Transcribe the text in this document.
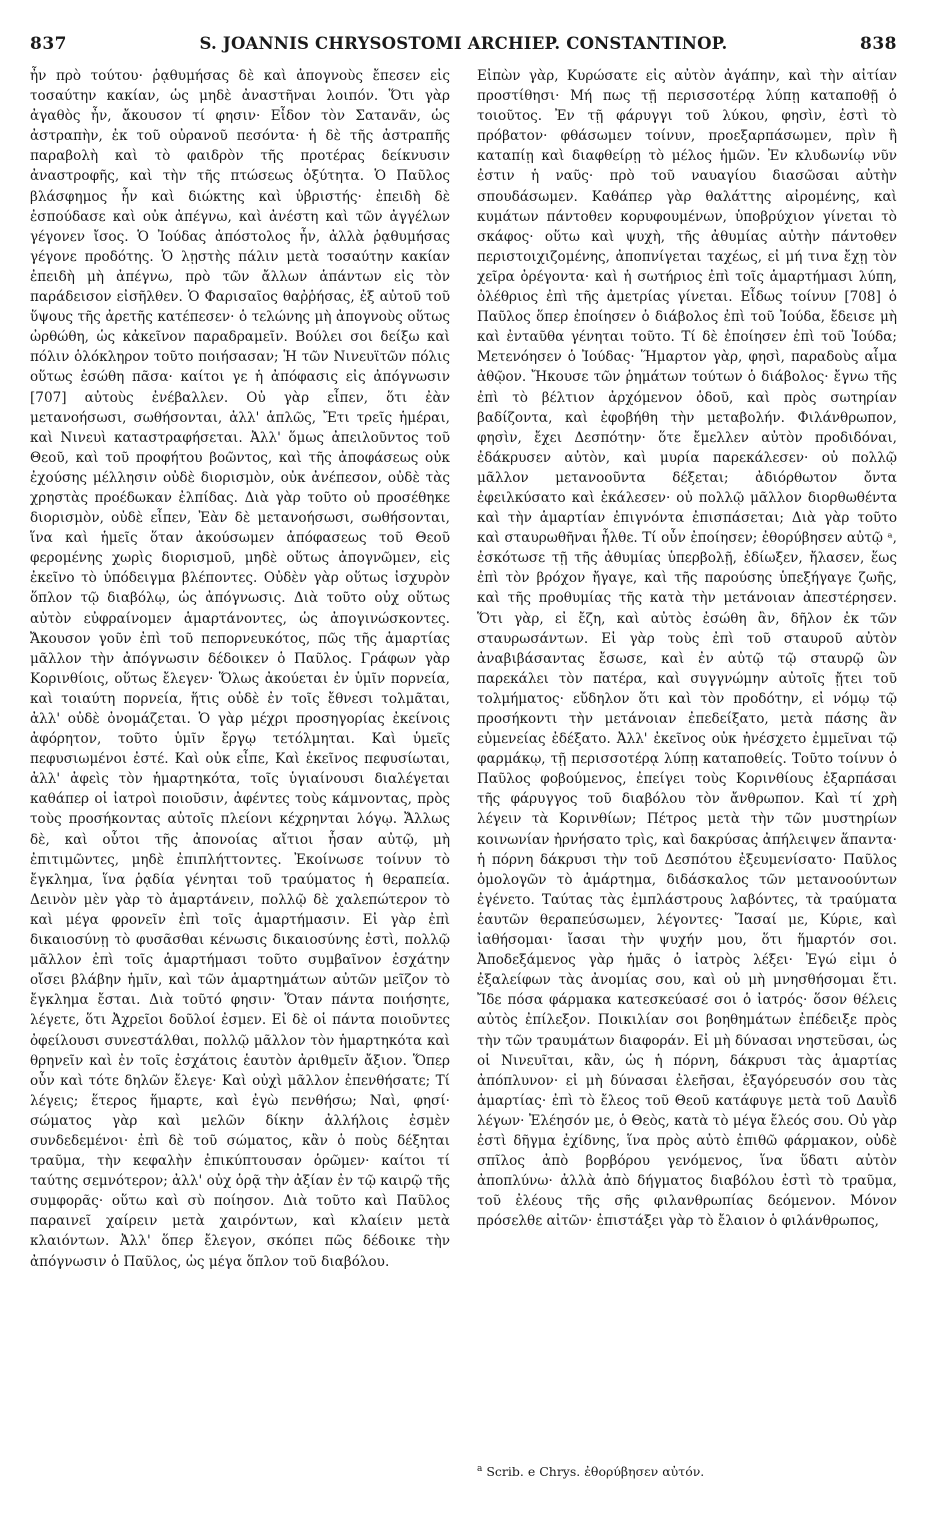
837	S. JOANNIS CHRYSOSTOMI ARCHIEP. CONSTANTINOP.	838

ἦν πρὸ τούτου· ῥᾳθυμήσας δὲ καὶ ἀπογνοὺς ἔπεσεν εἰς τοσαύτην κακίαν, ὡς μηδὲ ἀναστῆναι λοιπόν. Ὅτι γὰρ ἀγαθὸς ἦν, ἄκουσον τί φησιν· Εἶδον τὸν Σατανᾶν, ὡς ἀστραπὴν, ἐκ τοῦ οὐρανοῦ πεσόντα· ἡ δὲ τῆς ἀστραπῆς παραβολὴ καὶ τὸ φαιδρὸν τῆς προτέρας δείκνυσιν ἀναστροφῆς, καὶ τὴν τῆς πτώσεως ὀξύτητα. Ὁ Παῦλος βλάσφημος ἦν καὶ διώκτης καὶ ὑβριστής· ἐπειδὴ δὲ ἐσπούδασε καὶ οὐκ ἀπέγνω, καὶ ἀνέστη καὶ τῶν ἀγγέλων γέγονεν ἴσος. Ὁ Ἰούδας ἀπόστολος ἦν, ἀλλὰ ῥᾳθυμήσας γέγονε προδότης. Ὁ λῃστὴς πάλιν μετὰ τοσαύτην κακίαν ἐπειδὴ μὴ ἀπέγνω, πρὸ τῶν ἄλλων ἁπάντων εἰς τὸν παράδεισον εἰσῆλθεν. Ὁ Φαρισαῖος θαῤῥήσας, ἐξ αὐτοῦ τοῦ ὕψους τῆς ἀρετῆς κατέπεσεν· ὁ τελώνης μὴ ἀπογνοὺς οὕτως ὠρθώθη, ὡς κἀκεῖνον παραδραμεῖν. Βούλει σοι δείξω καὶ πόλιν ὁλόκληρον τοῦτο ποιήσασαν; Ἡ τῶν Νινευϊτῶν πόλις οὕτως ἐσώθη πᾶσα· καίτοι γε ἡ ἀπόφασις εἰς ἀπόγνωσιν [707] αὐτοὺς ἐνέβαλλεν. Οὐ γὰρ εἶπεν, ὅτι ἐὰν μετανοήσωσι, σωθήσονται, ἀλλ' ἁπλῶς, Ἔτι τρεῖς ἡμέραι, καὶ Νινευὶ καταστραφήσεται. Ἀλλ' ὅμως ἀπειλοῦντος τοῦ Θεοῦ, καὶ τοῦ προφήτου βοῶντος, καὶ τῆς ἀποφάσεως οὐκ ἐχούσης μέλλησιν οὐδὲ διορισμὸν, οὐκ ἀνέπεσον, οὐδὲ τὰς χρηστὰς προέδωκαν ἐλπίδας. Διὰ γὰρ τοῦτο οὐ προσέθηκε διορισμὸν, οὐδὲ εἶπεν, Ἐὰν δὲ μετανοήσωσι, σωθήσονται, ἵνα καὶ ἡμεῖς ὅταν ἀκούσωμεν ἀπόφασεως τοῦ Θεοῦ φερομένης χωρὶς διορισμοῦ, μηδὲ οὕτως ἀπογνῶμεν, εἰς ἐκεῖνο τὸ ὑπόδειγμα βλέποντες. Οὐδὲν γὰρ οὕτως ἰσχυρὸν ὅπλον τῷ διαβόλῳ, ὡς ἀπόγνωσις. Διὰ τοῦτο οὐχ οὕτως αὐτὸν εὐφραίνομεν ἁμαρτάνοντες, ὡς ἀπογινώσκοντες. Ἄκουσον γοῦν ἐπὶ τοῦ πεπορνευκότος, πῶς τῆς ἁμαρτίας μᾶλλον τὴν ἀπόγνωσιν δέδοικεν ὁ Παῦλος. Γράφων γὰρ Κορινθίοις, οὕτως ἔλεγεν· Ὅλως ἀκούεται ἐν ὑμῖν πορνεία, καὶ τοιαύτη πορνεία, ἥτις οὐδὲ ἐν τοῖς ἔθνεσι τολμᾶται, ἀλλ' οὐδὲ ὀνομάζεται. Ὁ γὰρ μέχρι προσηγορίας ἐκείνοις ἀφόρητον, τοῦτο ὑμῖν ἔργῳ τετόλμηται. Καὶ ὑμεῖς πεφυσιωμένοι ἐστέ. Καὶ οὐκ εἶπε, Καὶ ἐκεῖνος πεφυσίωται, ἀλλ' ἀφεὶς τὸν ἡμαρτηκότα, τοῖς ὑγιαίνουσι διαλέγεται καθάπερ οἱ ἰατροὶ ποιοῦσιν, ἀφέντες τοὺς κάμνοντας, πρὸς τοὺς προσήκοντας αὐτοῖς πλείονι κέχρηνται λόγῳ. Ἄλλως δὲ, καὶ οὗτοι τῆς ἀπονοίας αἴτιοι ἦσαν αὐτῷ, μὴ ἐπιτιμῶντες, μηδὲ ἐπιπλήττοντες. Ἐκοίνωσε τοίνυν τὸ ἔγκλημα, ἵνα ῥᾳδία γένηται τοῦ τραύματος ἡ θεραπεία. Δεινὸν μὲν γὰρ τὸ ἁμαρτάνειν, πολλῷ δὲ χαλεπώτερον τὸ καὶ μέγα φρονεῖν ἐπὶ τοῖς ἁμαρτήμασιν. Εἰ γὰρ ἐπὶ δικαιοσύνῃ τὸ φυσᾶσθαι κένωσις δικαιοσύνης ἐστὶ, πολλῷ μᾶλλον ἐπὶ τοῖς ἁμαρτήμασι τοῦτο συμβαῖνον ἐσχάτην οἴσει βλάβην ἡμῖν, καὶ τῶν ἁμαρτημάτων αὐτῶν μεῖζον τὸ ἔγκλημα ἔσται. Διὰ τοῦτό φησιν· Ὅταν πάντα ποιήσητε, λέγετε, ὅτι Ἀχρεῖοι δοῦλοί ἐσμεν. Εἰ δὲ οἱ πάντα ποιοῦντες ὀφείλουσι συνεστάλθαι, πολλῷ μᾶλλον τὸν ἡμαρτηκότα καὶ θρηνεῖν καὶ ἐν τοῖς ἐσχάτοις ἑαυτὸν ἀριθμεῖν ἄξιον. Ὅπερ οὖν καὶ τότε δηλῶν ἔλεγε· Καὶ οὐχὶ μᾶλλον ἐπενθήσατε; Τί λέγεις; ἕτερος ἥμαρτε, καὶ ἐγὼ πενθήσω; Ναὶ, φησί· σώματος γὰρ καὶ μελῶν δίκην ἀλλήλοις ἐσμὲν συνδεδεμένοι· ἐπὶ δὲ τοῦ σώματος, κἂν ὁ ποὺς δέξηται τραῦμα, τὴν κεφαλὴν ἐπικύπτουσαν ὁρῶμεν· καίτοι τί ταύτης σεμνότερον; ἀλλ' οὐχ ὁρᾷ τὴν ἀξίαν ἐν τῷ καιρῷ τῆς συμφορᾶς· οὕτω καὶ σὺ ποίησον. Διὰ τοῦτο καὶ Παῦλος παραινεῖ χαίρειν μετὰ χαιρόντων, καὶ κλαίειν μετὰ κλαιόντων. Ἀλλ' ὅπερ ἔλεγον, σκόπει πῶς δέδοικε τὴν ἀπόγνωσιν ὁ Παῦλος, ὡς μέγα ὅπλον τοῦ διαβόλου.

Εἰπὼν γὰρ, Κυρώσατε εἰς αὐτὸν ἀγάπην, καὶ τὴν αἰτίαν προστίθησι· Μή πως τῇ περισσοτέρᾳ λύπῃ καταποθῇ ὁ τοιοῦτος. Ἐν τῇ φάρυγγι τοῦ λύκου, φησὶν, ἐστὶ τὸ πρόβατον· φθάσωμεν τοίνυν, προεξαρπάσωμεν, πρὶν ἢ καταπίῃ καὶ διαφθείρῃ τὸ μέλος ἡμῶν. Ἐν κλυδωνίῳ νῦν ἐστιν ἡ ναῦς· πρὸ τοῦ ναυαγίου διασῶσαι αὐτὴν σπουδάσωμεν. Καθάπερ γὰρ θαλάττης αἰρομένης, καὶ κυμάτων πάντοθεν κορυφουμένων, ὑποβρύχιον γίνεται τὸ σκάφος· οὕτω καὶ ψυχὴ, τῆς ἀθυμίας αὐτὴν πάντοθεν περιστοιχιζομένης, ἀποπνίγεται ταχέως, εἰ μή τινα ἔχῃ τὸν χεῖρα ὀρέγοντα· καὶ ἡ σωτήριος ἐπὶ τοῖς ἁμαρτήμασι λύπη, ὀλέθριος ἐπὶ τῆς ἀμετρίας γίνεται. Εἶδως τοίνυν [708] ὁ Παῦλος ὅπερ ἐποίησεν ὁ διάβολος ἐπὶ τοῦ Ἰούδα, ἔδεισε μὴ καὶ ἐνταῦθα γένηται τοῦτο. Τί δὲ ἐποίησεν ἐπὶ τοῦ Ἰούδα; Μετενόησεν ὁ Ἰούδας· Ἥμαρτον γὰρ, φησὶ, παραδοὺς αἷμα ἀθῷον. Ἤκουσε τῶν ῥημάτων τούτων ὁ διάβολος· ἔγνω τῆς ἐπὶ τὸ βέλτιον ἀρχόμενον ὁδοῦ, καὶ πρὸς σωτηρίαν βαδίζοντα, καὶ ἐφοβήθη τὴν μεταβολήν. Φιλάνθρωπον, φησὶν, ἔχει Δεσπότην· ὅτε ἔμελλεν αὐτὸν προδιδόναι, ἐδάκρυσεν αὐτὸν, καὶ μυρία παρεκάλεσεν· οὐ πολλῷ μᾶλλον μετανοοῦντα δέξεται; ἀδιόρθωτον ὄντα ἐφειλκύσατο καὶ ἐκάλεσεν· οὐ πολλῷ μᾶλλον διορθωθέντα καὶ τὴν ἁμαρτίαν ἐπιγνόντα ἐπισπάσεται; Διὰ γὰρ τοῦτο καὶ σταυρωθῆναι ἦλθε. Τί οὖν ἐποίησεν; ἐθορύβησεν αὐτῷ ᵃ, ἐσκότωσε τῇ τῆς ἀθυμίας ὑπερβολῇ, ἐδίωξεν, ἤλασεν, ἕως ἐπὶ τὸν βρόχον ἤγαγε, καὶ τῆς παρούσης ὑπεξήγαγε ζωῆς, καὶ τῆς προθυμίας τῆς κατὰ τὴν μετάνοιαν ἀπεστέρησεν. Ὅτι γὰρ, εἰ ἔζη, καὶ αὐτὸς ἐσώθη ἂν, δῆλον ἐκ τῶν σταυρωσάντων. Εἰ γὰρ τοὺς ἐπὶ τοῦ σταυροῦ αὐτὸν ἀναβιβάσαντας ἔσωσε, καὶ ἐν αὐτῷ τῷ σταυρῷ ὢν παρεκάλει τὸν πατέρα, καὶ συγγνώμην αὐτοῖς ᾔτει τοῦ τολμήματος· εὔδηλον ὅτι καὶ τὸν προδότην, εἰ νόμῳ τῷ προσήκοντι τὴν μετάνοιαν ἐπεδείξατο, μετὰ πάσης ἂν εὐμενείας ἐδέξατο. Ἀλλ' ἐκεῖνος οὐκ ἠνέσχετο ἐμμεῖναι τῷ φαρμάκῳ, τῇ περισσοτέρᾳ λύπῃ καταποθείς. Τοῦτο τοίνυν ὁ Παῦλος φοβούμενος, ἐπείγει τοὺς Κορινθίους ἐξαρπάσαι τῆς φάρυγγος τοῦ διαβόλου τὸν ἄνθρωπον. Καὶ τί χρὴ λέγειν τὰ Κορινθίων; Πέτρος μετὰ τὴν τῶν μυστηρίων κοινωνίαν ἠρνήσατο τρὶς, καὶ δακρύσας ἀπήλειψεν ἅπαντα· ἡ πόρνη δάκρυσι τὴν τοῦ Δεσπότου ἐξευμενίσατο· Παῦλος ὁμολογῶν τὸ ἁμάρτημα, διδάσκαλος τῶν μετανοούντων ἐγένετο. Ταύτας τὰς ἐμπλάστρους λαβόντες, τὰ τραύματα ἑαυτῶν θεραπεύσωμεν, λέγοντες· Ἴασαί με, Κύριε, καὶ ἰαθήσομαι· ἴασαι τὴν ψυχήν μου, ὅτι ἥμαρτόν σοι. Ἀποδεξάμενος γὰρ ἡμᾶς ὁ ἰατρὸς λέξει· Ἐγώ εἰμι ὁ ἐξαλείφων τὰς ἀνομίας σου, καὶ οὐ μὴ μνησθήσομαι ἔτι. Ἴδε πόσα φάρμακα κατεσκεύασέ σοι ὁ ἰατρός· ὅσον θέλεις αὐτὸς ἐπίλεξον. Ποικιλίαν σοι βοηθημάτων ἐπέδειξε πρὸς τὴν τῶν τραυμάτων διαφοράν. Εἰ μὴ δύνασαι νηστεῦσαι, ὡς οἱ Νινευῖται, κἂν, ὡς ἡ πόρνη, δάκρυσι τὰς ἁμαρτίας ἀπόπλυνον· εἰ μὴ δύνασαι ἐλεῆσαι, ἐξαγόρευσόν σου τὰς ἁμαρτίας· ἐπὶ τὸ ἔλεος τοῦ Θεοῦ κατάφυγε μετὰ τοῦ Δαυῒδ λέγων· Ἐλέησόν με, ὁ Θεὸς, κατὰ τὸ μέγα ἔλεός σου. Οὐ γὰρ ἐστὶ δῆγμα ἐχίδνης, ἵνα πρὸς αὐτὸ ἐπιθῶ φάρμακον, οὐδὲ σπῖλος ἀπὸ βορβόρου γενόμενος, ἵνα ὕδατι αὐτὸν ἀποπλύνω· ἀλλὰ ἀπὸ δήγματος διαβόλου ἐστὶ τὸ τραῦμα, τοῦ ἐλέους τῆς σῆς φιλανθρωπίας δεόμενον. Μόνον πρόσελθε αἰτῶν· ἐπιστάξει γὰρ τὸ ἔλαιον ὁ φιλάνθρωπος,

$^a$ Scrib. e Chrys. ἐθορύβησεν αὐτόν.
